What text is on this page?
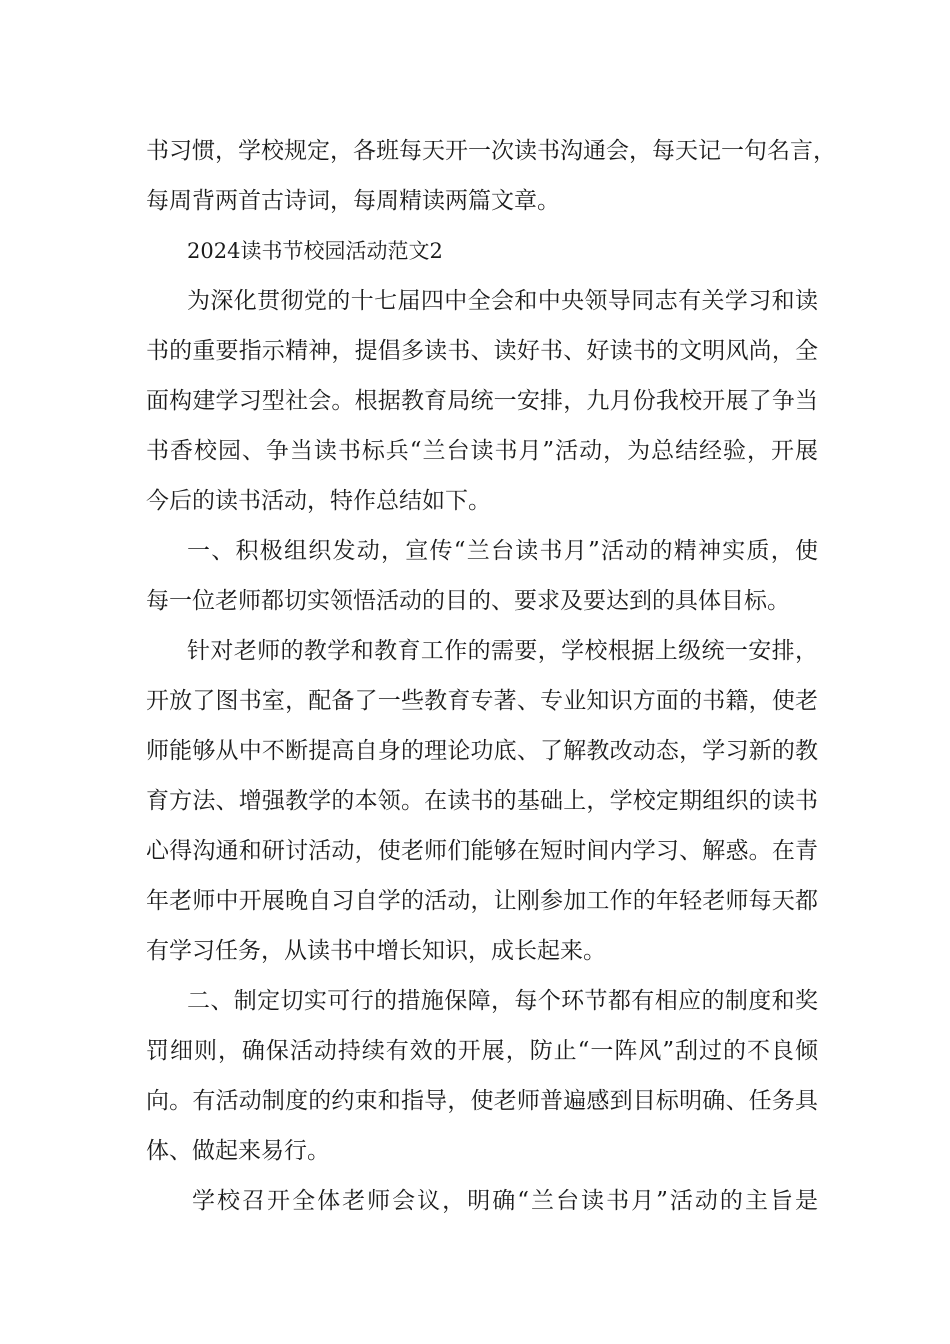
书习惯，学校规定，各班每天开一次读书沟通会，每天记一句名言，
每周背两首古诗词，每周精读两篇文章。
2024读书节校园活动范文2
为深化贯彻党的十七届四中全会和中央领导同志有关学习和读
书的重要指示精神，提倡多读书、读好书、好读书的文明风尚，全
面构建学习型社会。根据教育局统一安排，九月份我校开展了争当
书香校园、争当读书标兵“兰台读书月”活动，为总结经验，开展
今后的读书活动，特作总结如下。
一、积极组织发动，宣传“兰台读书月”活动的精神实质，使
每一位老师都切实领悟活动的目的、要求及要达到的具体目标。
针对老师的教学和教育工作的需要，学校根据上级统一安排，
开放了图书室，配备了一些教育专著、专业知识方面的书籍，使老
师能够从中不断提高自身的理论功底、了解教改动态，学习新的教
育方法、增强教学的本领。在读书的基础上，学校定期组织的读书
心得沟通和研讨活动，使老师们能够在短时间内学习、解惑。在青
年老师中开展晚自习自学的活动，让刚参加工作的年轻老师每天都
有学习任务，从读书中增长知识，成长起来。
二、制定切实可行的措施保障，每个环节都有相应的制度和奖
罚细则，确保活动持续有效的开展，防止“一阵风”刮过的不良倾
向。有活动制度的约束和指导，使老师普遍感到目标明确、任务具
体、做起来易行。
学校召开全体老师会议，明确“兰台读书月”活动的主旨是
